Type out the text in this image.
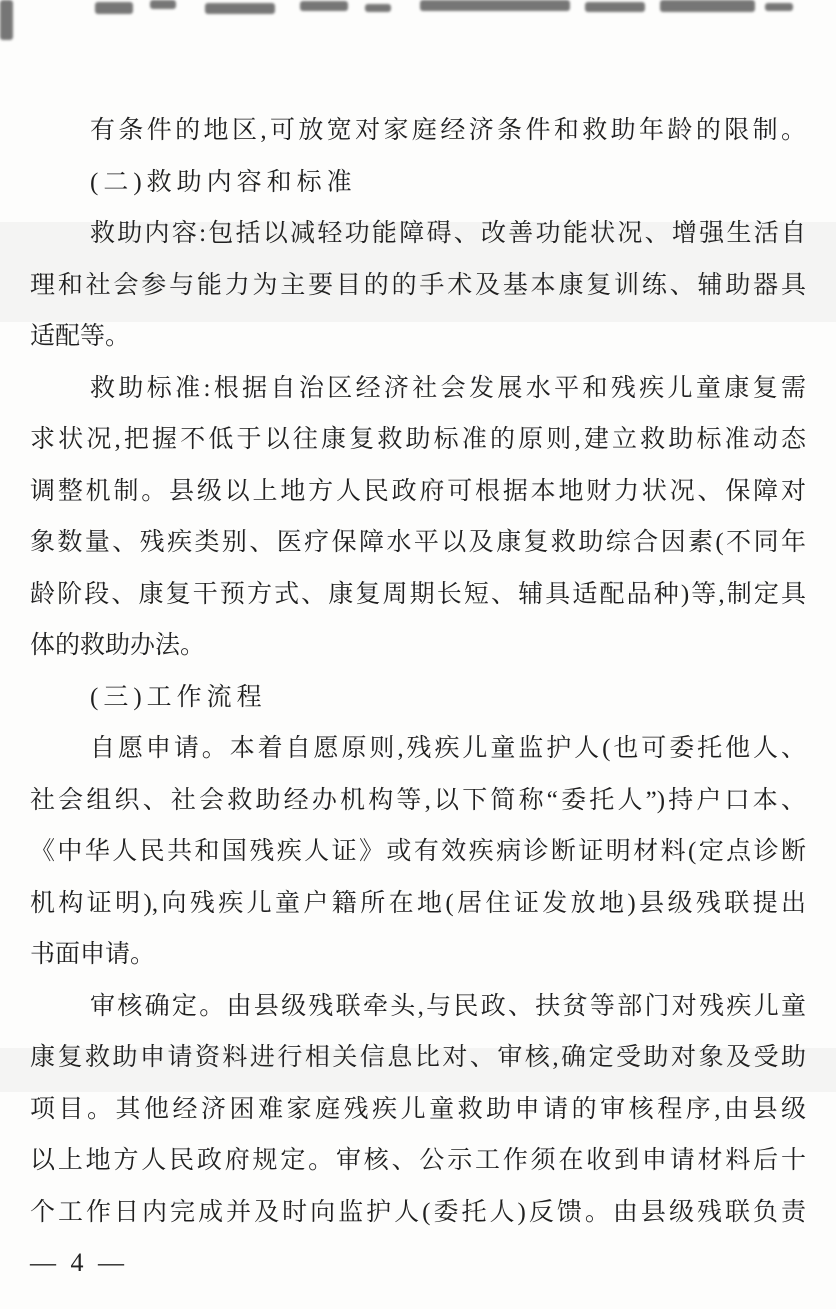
有条件的地区,可放宽对家庭经济条件和救助年龄的限制。
(二)救助内容和标准
救助内容:包括以减轻功能障碍、改善功能状况、增强生活自
理和社会参与能力为主要目的的手术及基本康复训练、辅助器具
适配等。
救助标准:根据自治区经济社会发展水平和残疾儿童康复需
求状况,把握不低于以往康复救助标准的原则,建立救助标准动态
调整机制。县级以上地方人民政府可根据本地财力状况、保障对
象数量、残疾类别、医疗保障水平以及康复救助综合因素(不同年
龄阶段、康复干预方式、康复周期长短、辅具适配品种)等,制定具
体的救助办法。
(三)工作流程
自愿申请。本着自愿原则,残疾儿童监护人(也可委托他人、
社会组织、社会救助经办机构等,以下简称“委托人”)持户口本、
《中华人民共和国残疾人证》或有效疾病诊断证明材料(定点诊断
机构证明),向残疾儿童户籍所在地(居住证发放地)县级残联提出
书面申请。
审核确定。由县级残联牵头,与民政、扶贫等部门对残疾儿童
康复救助申请资料进行相关信息比对、审核,确定受助对象及受助
项目。其他经济困难家庭残疾儿童救助申请的审核程序,由县级
以上地方人民政府规定。审核、公示工作须在收到申请材料后十
个工作日内完成并及时向监护人(委托人)反馈。由县级残联负责
— 4 —
